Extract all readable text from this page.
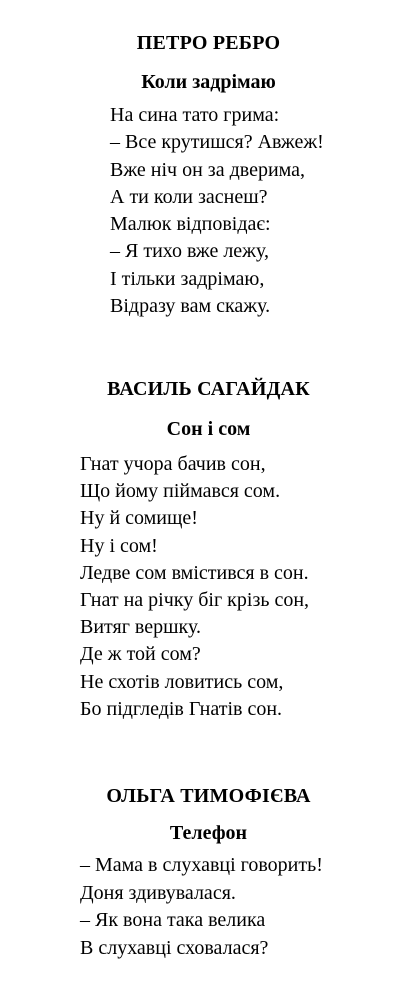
ПЕТРО РЕБРО
Коли задрімаю
На сина тато грима:
– Все крутишся? Авжеж!
Вже ніч он за дверима,
А ти коли заснеш?
Малюк відповідає:
– Я тихо вже лежу,
І тільки задрімаю,
Відразу вам скажу.
ВАСИЛЬ САГАЙДАК
Сон і сом
Гнат учора бачив сон,
Що йому піймався сом.
Ну й сомище!
Ну і сом!
Ледве сом вмістився в сон.
Гнат на річку біг крізь сон,
Витяг вершку.
Де ж той сом?
Не схотів ловитись сом,
Бо підгледів Гнатів сон.
ОЛЬГА ТИМОФІЄВА
Телефон
– Мама в слухавці говорить!
Доня здивувалася.
– Як вона така велика
В слухавці сховалася?
